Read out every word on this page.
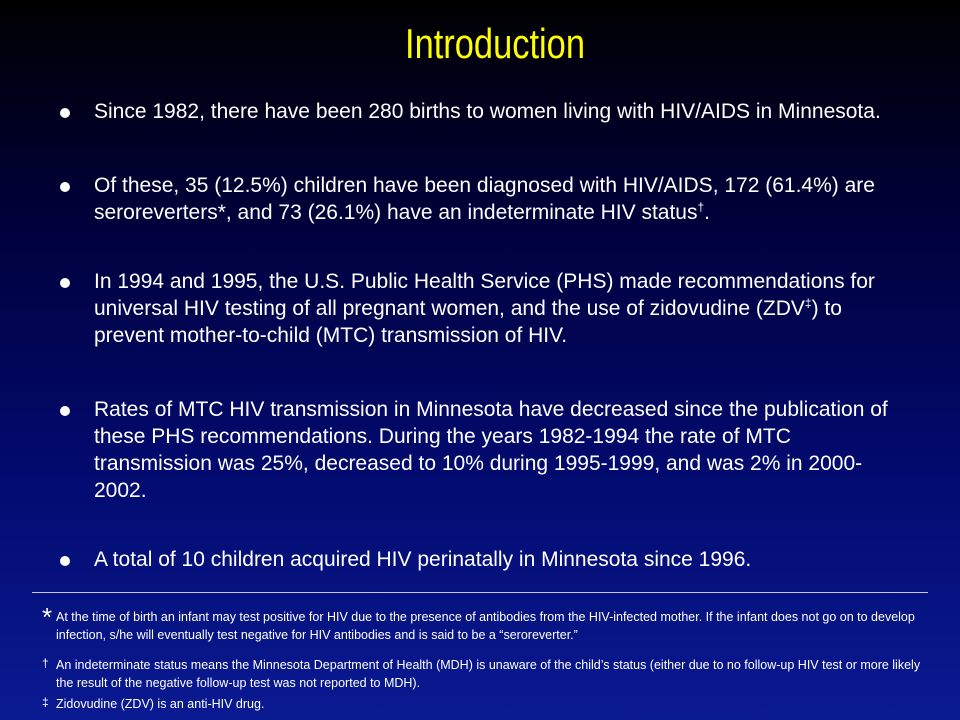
Introduction
Since 1982, there have been 280 births to women living with HIV/AIDS in Minnesota.
Of these, 35 (12.5%) children have been diagnosed with HIV/AIDS, 172 (61.4%) are seroreverters*, and 73 (26.1%) have an indeterminate HIV status†.
In 1994 and 1995, the U.S. Public Health Service (PHS) made recommendations for universal HIV testing of all pregnant women, and the use of zidovudine (ZDV‡) to prevent mother-to-child (MTC) transmission of HIV.
Rates of MTC HIV transmission in Minnesota have decreased since the publication of these PHS recommendations. During the years 1982-1994 the rate of MTC transmission was 25%, decreased to 10% during 1995-1999, and was 2% in 2000-2002.
A total of 10 children acquired HIV perinatally in Minnesota since 1996.
* At the time of birth an infant may test positive for HIV due to the presence of antibodies from the HIV-infected mother. If the infant does not go on to develop infection, s/he will eventually test negative for HIV antibodies and is said to be a “seroreverter.”
† An indeterminate status means the Minnesota Department of Health (MDH) is unaware of the child’s status (either due to no follow-up HIV test or more likely the result of the negative follow-up test was not reported to MDH).
‡ Zidovudine (ZDV) is an anti-HIV drug.
